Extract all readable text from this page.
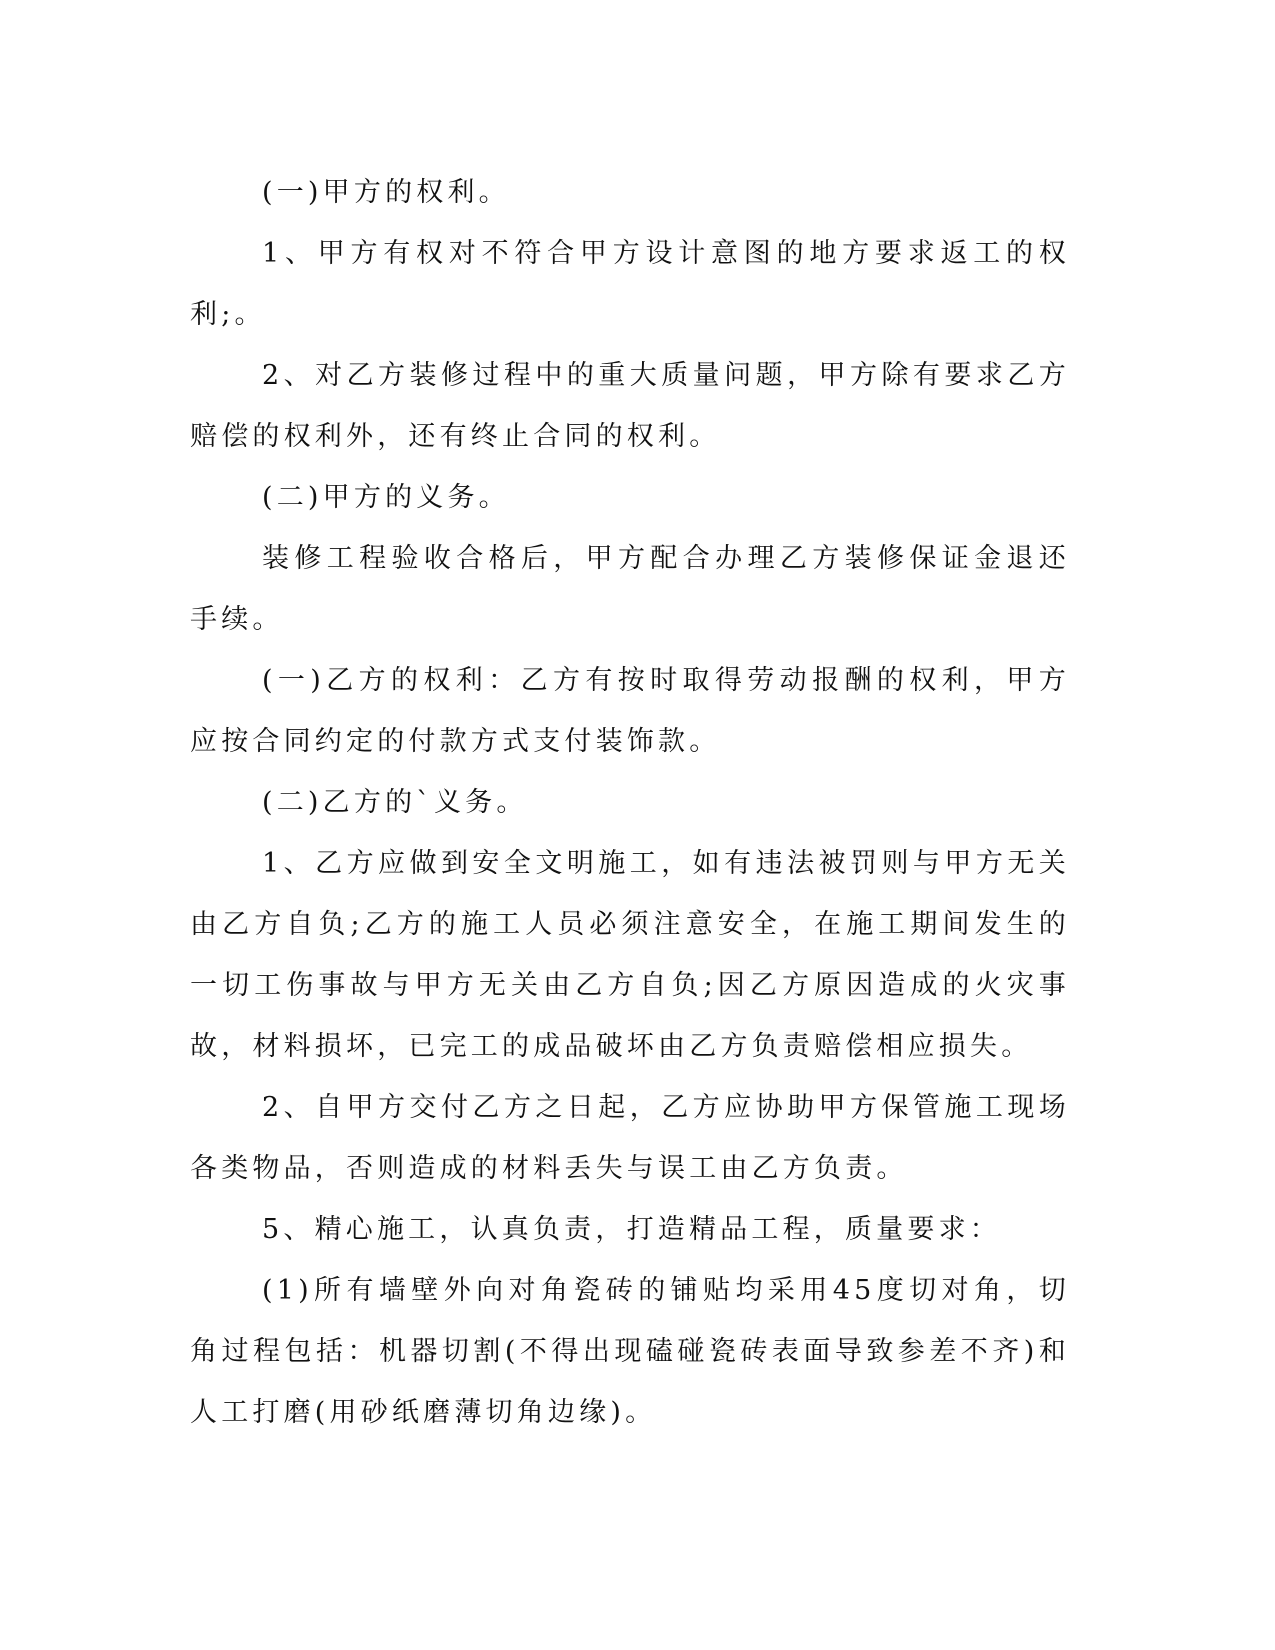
(一)甲方的权利。

1、甲方有权对不符合甲方设计意图的地方要求返工的权利;。

2、对乙方装修过程中的重大质量问题，甲方除有要求乙方赔偿的权利外，还有终止合同的权利。

(二)甲方的义务。

装修工程验收合格后，甲方配合办理乙方装修保证金退还手续。

(一)乙方的权利：乙方有按时取得劳动报酬的权利，甲方应按合同约定的付款方式支付装饰款。

(二)乙方的`义务。

1、乙方应做到安全文明施工，如有违法被罚则与甲方无关由乙方自负;乙方的施工人员必须注意安全，在施工期间发生的一切工伤事故与甲方无关由乙方自负;因乙方原因造成的火灾事故，材料损坏，已完工的成品破坏由乙方负责赔偿相应损失。

2、自甲方交付乙方之日起，乙方应协助甲方保管施工现场各类物品，否则造成的材料丢失与误工由乙方负责。

5、精心施工，认真负责，打造精品工程，质量要求：

(1)所有墙壁外向对角瓷砖的铺贴均采用45度切对角，切角过程包括：机器切割(不得出现磕碰瓷砖表面导致参差不齐)和人工打磨(用砂纸磨薄切角边缘)。
